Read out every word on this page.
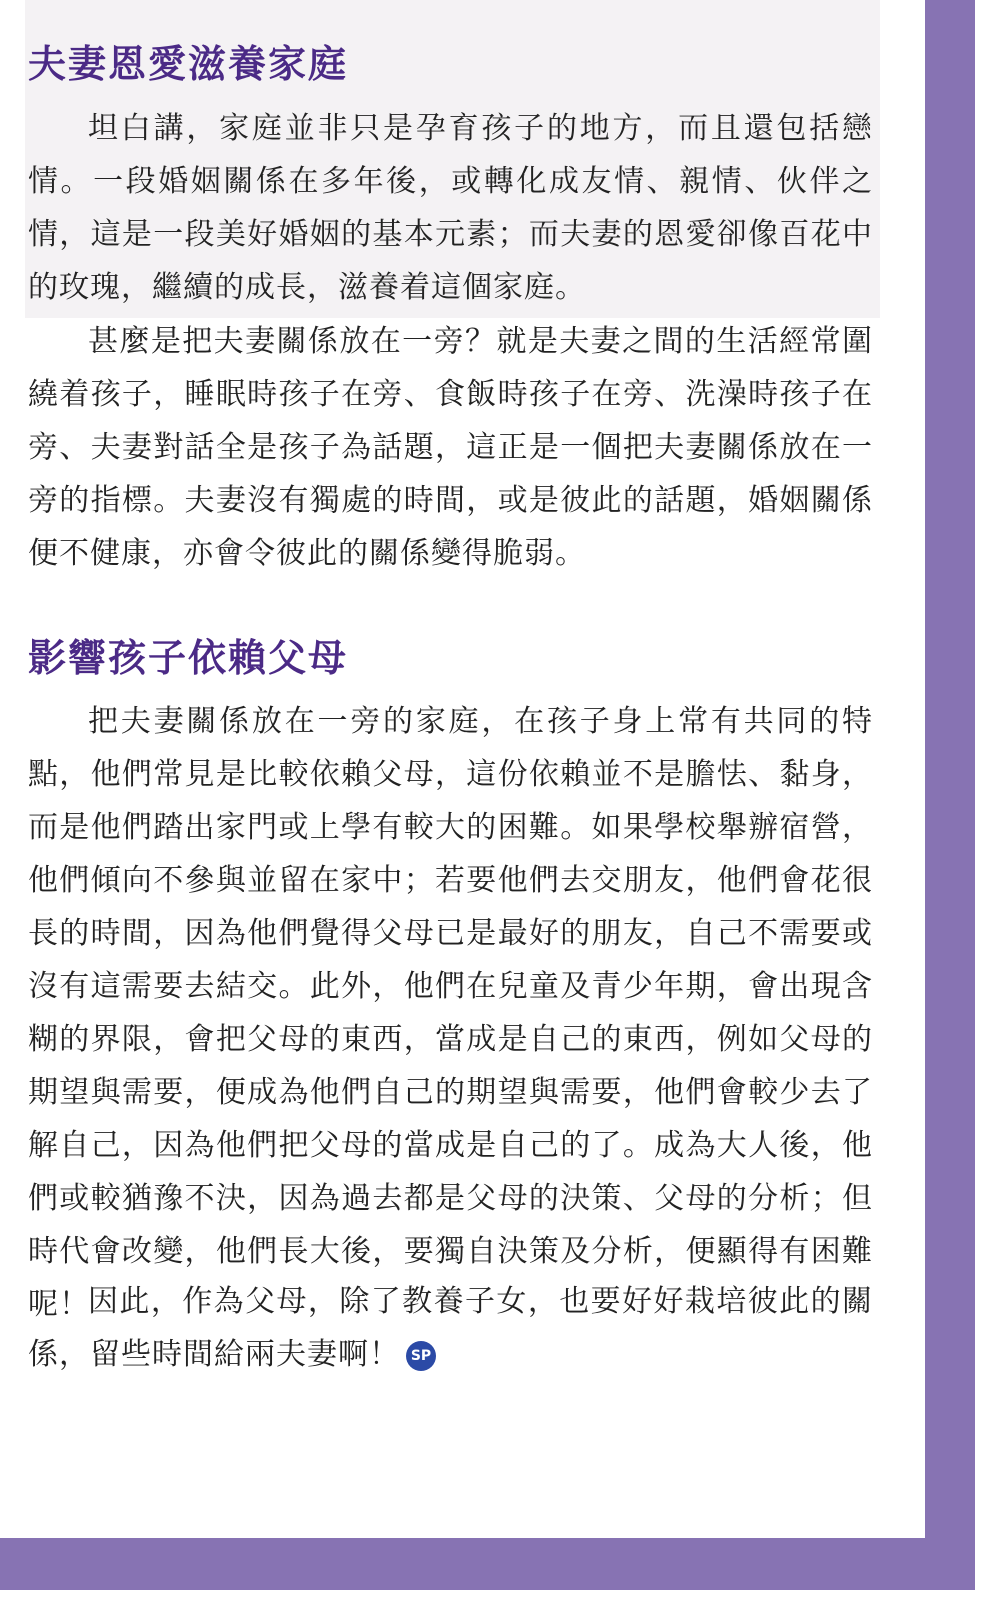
夫妻恩愛滋養家庭

坦白講，家庭並非只是孕育孩子的地方，而且還包括戀情。一段婚姻關係在多年後，或轉化成友情、親情、伙伴之情，這是一段美好婚姻的基本元素；而夫妻的恩愛卻像百花中的玫瑰，繼續的成長，滋養着這個家庭。

甚麼是把夫妻關係放在一旁？就是夫妻之間的生活經常圍繞着孩子，睡眠時孩子在旁、食飯時孩子在旁、洗澡時孩子在旁、夫妻對話全是孩子為話題，這正是一個把夫妻關係放在一旁的指標。夫妻沒有獨處的時間，或是彼此的話題，婚姻關係便不健康，亦會令彼此的關係變得脆弱。

影響孩子依賴父母

把夫妻關係放在一旁的家庭，在孩子身上常有共同的特點，他們常見是比較依賴父母，這份依賴並不是膽怯、黏身，而是他們踏出家門或上學有較大的困難。如果學校舉辦宿營，他們傾向不參與並留在家中；若要他們去交朋友，他們會花很長的時間，因為他們覺得父母已是最好的朋友，自己不需要或沒有這需要去結交。此外，他們在兒童及青少年期，會出現含糊的界限，會把父母的東西，當成是自己的東西，例如父母的期望與需要，便成為他們自己的期望與需要，他們會較少去了解自己，因為他們把父母的當成是自己的了。成為大人後，他們或較猶豫不決，因為過去都是父母的決策、父母的分析；但時代會改變，他們長大後，要獨自決策及分析，便顯得有困難呢！

因此，作為父母，除了教養子女，也要好好栽培彼此的關係，留些時間給兩夫妻啊！ SP
